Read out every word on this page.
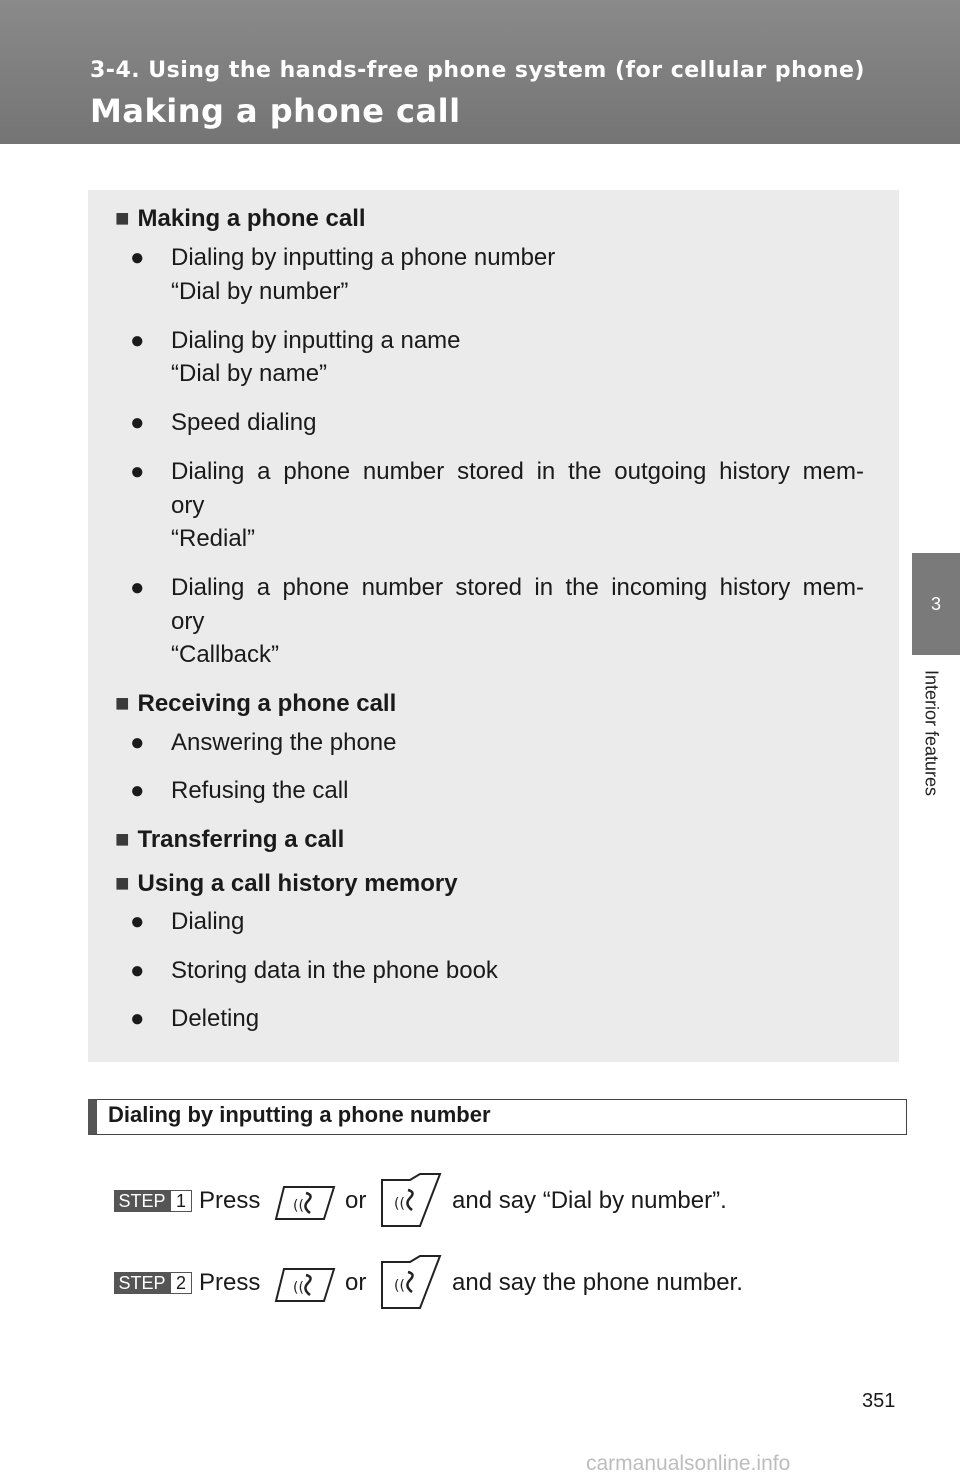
3-4. Using the hands-free phone system (for cellular phone)
Making a phone call
3
Interior features
■ Making a phone call
● Dialing by inputting a phone number
“Dial by number”
● Dialing by inputting a name
“Dial by name”
● Speed dialing
● Dialing a phone number stored in the outgoing history mem-
ory
“Redial”
● Dialing a phone number stored in the incoming history mem-
ory
“Callback”
■ Receiving a phone call
● Answering the phone
● Refusing the call
■ Transferring a call
■ Using a call history memory
● Dialing
● Storing data in the phone book
● Deleting
Dialing by inputting a phone number
STEP 1 Press (( or (( and say “Dial by number”.
STEP 2 Press (( or (( and say the phone number.
351
carmanualsonline.info
